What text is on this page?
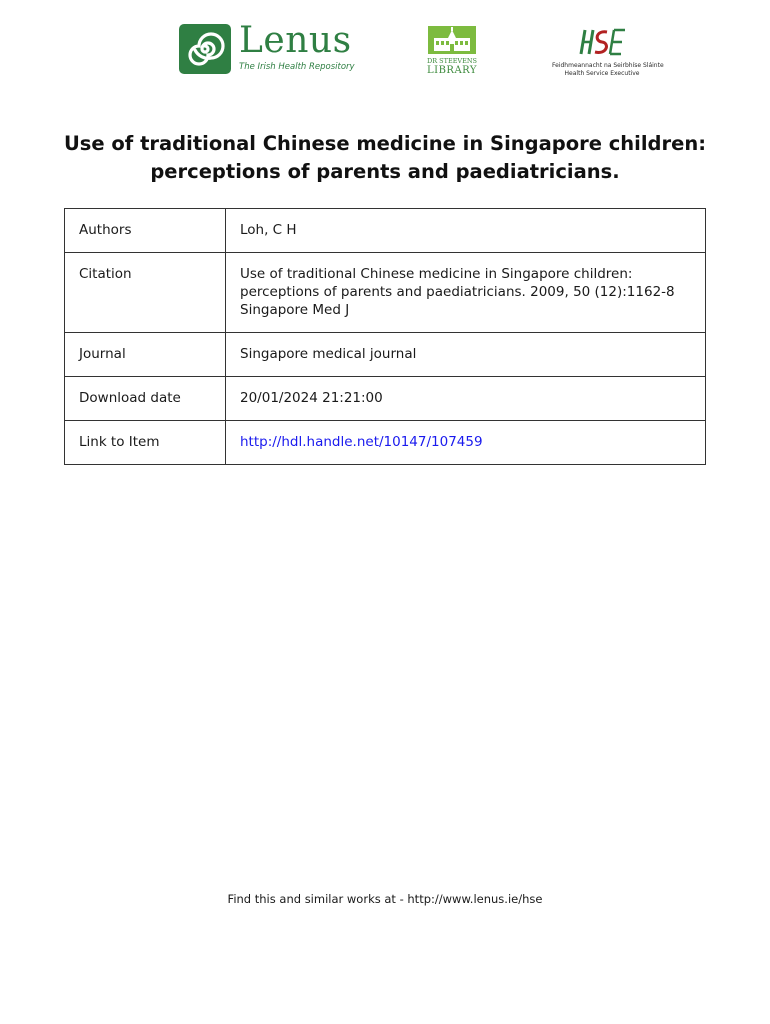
Lenus
The Irish Health Repository
DR STEEVENS
LIBRARY	Feidhmeannacht na Seirbhíse Sláinte
Health Service Executive
Use of traditional Chinese medicine in Singapore children: perceptions of parents and paediatricians.
Authors	Loh, C H
Citation	Use of traditional Chinese medicine in Singapore children: perceptions of parents and paediatricians. 2009, 50 (12):1162-8 Singapore Med J
Journal	Singapore medical journal
Download date	20/01/2024 21:21:00
Link to Item	http://hdl.handle.net/10147/107459
Find this and similar works at - http://www.lenus.ie/hse
